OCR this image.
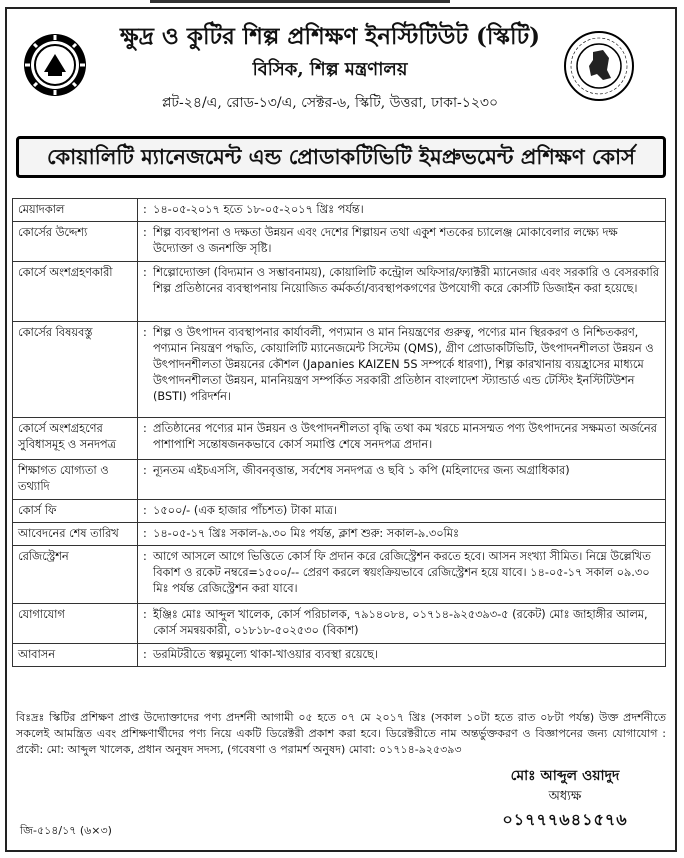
ক্ষুদ্র ও কুটির শিল্প প্রশিক্ষণ ইনস্টিটিউট (স্কিটি)
বিসিক, শিল্প মন্ত্রণালয়
প্লট-২৪/এ, রোড-১৩/এ, সেক্টর-৬, স্কিটি, উত্তরা, ঢাকা-১২৩০
কোয়ালিটি ম্যানেজমেন্ট এন্ড প্রোডাকটিভিটি ইমপ্রুভমেন্ট প্রশিক্ষণ কোর্স
মেয়াদকাল	: ১৪-০৫-২০১৭ হতে ১৮-০৫-২০১৭ খ্রিঃ পর্যন্ত।

কোর্সের উদ্দেশ্য	: শিল্প ব্যবস্থাপনা ও দক্ষতা উন্নয়ন এবং দেশের শিল্পায়ন তথা একুশ শতকের চ্যালেঞ্জ মোকাবেলার লক্ষ্যে দক্ষ উদ্যোক্তা ও জনশক্তি সৃষ্টি।

কোর্সে অংশগ্রহণকারী	: শিল্পোদ্যোক্তা (বিদ্যমান ও সম্ভাবনাময়), কোয়ালিটি কন্ট্রোল অফিসার/ফ্যাক্টরী ম্যানেজার এবং সরকারি ও বেসরকারি শিল্প প্রতিষ্ঠানের ব্যবস্থাপনায় নিয়োজিত কর্মকর্তা/ব্যবস্থাপকগণের উপযোগী করে কোর্সটি ডিজাইন করা হয়েছে।

কোর্সের বিষয়বস্তু	: শিল্প ও উৎপাদন ব্যবস্থাপনার কার্যাবলী, পণ্যমান ও মান নিয়ন্ত্রণের গুরুত্ব, পণ্যের মান স্থিরকরণ ও নিশ্চিতকরণ, পণ্যমান নিয়ন্ত্রণ পদ্ধতি, কোয়ালিটি ম্যানেজমেন্ট সিস্টেম (QMS), গ্রীণ প্রোডাকটিভিটি, উৎপাদনশীলতা উন্নয়ন ও উৎপাদনশীলতা উন্নয়নের কৌশল (Japanies KAIZEN 5S সম্পর্কে ধারণা), শিল্প কারখানায় ব্যয়হ্রাসের মাধ্যমে উৎপাদনশীলতা উন্নয়ন, মাননিয়ন্ত্রণ সম্পর্কিত সরকারী প্রতিষ্ঠান বাংলাদেশ স্ট্যান্ডার্ড এন্ড টেস্টিং ইনস্টিটিউশন (BSTI) পরিদর্শন।

কোর্সে অংশগ্রহণের সুবিধাসমূহ ও সনদপত্র	: প্রতিষ্ঠানের পণ্যের মান উন্নয়ন ও উৎপাদনশীলতা বৃদ্ধি তথা কম খরচে মানসম্মত পণ্য উৎপাদনের সক্ষমতা অর্জনের পাশাপাশি সন্তোষজনকভাবে কোর্স সমাপ্তি শেষে সনদপত্র প্রদান।

শিক্ষাগত যোগ্যতা ও তথ্যাদি	: ন্যূনতম এইচএসসি, জীবনবৃত্তান্ত, সর্বশেষ সনদপত্র ও ছবি ১ কপি (মহিলাদের জন্য অগ্রাধিকার)

কোর্স ফি	: ১৫০০/- (এক হাজার পাঁচশত) টাকা মাত্র।

আবেদনের শেষ তারিখ	: ১৪-০৫-১৭ খ্রিঃ সকাল-৯.৩০ মিঃ পর্যন্ত, ক্লাশ শুরু: সকাল-৯.৩০মিঃ

রেজিস্ট্রেশন	: আগে আসলে আগে ভিত্তিতে কোর্স ফি প্রদান করে রেজিস্ট্রেশন করতে হবে। আসন সংখ্যা সীমিত। নিম্নে উল্লেখিত বিকাশ ও রকেট নম্বরে=১৫০০/-- প্রেরণ করলে স্বয়ংক্রিয়ভাবে রেজিস্ট্রেশন হয়ে যাবে। ১৪-০৫-১৭ সকাল ০৯.৩০ মিঃ পর্যন্ত রেজিস্ট্রেশন করা যাবে।

যোগাযোগ	: ইঞ্জিঃ মোঃ আব্দুল খালেক, কোর্স পরিচালক, ৭৯১৪০৮৪, ০১৭১৪-৯২৫৩৯৩-৫ (রকেট) মোঃ জাহাঙ্গীর আলম, কোর্স সমন্বয়কারী, ০১৮১৮-৫০২৫৩০ (বিকাশ)

আবাসন	: ডরমিটরীতে স্বল্পমূল্যে থাকা-খাওয়ার ব্যবস্থা রয়েছে।
বিঃদ্রঃ স্কিটির প্রশিক্ষণ প্রাপ্ত উদ্যোক্তাদের পণ্য প্রদর্শনী আগামী ০৫ হতে ০৭ মে ২০১৭ খ্রিঃ (সকাল ১০টা হতে রাত ০৮টা পর্যন্ত) উক্ত প্রদর্শনীতে সকলেই আমন্ত্রিত এবং প্রশিক্ষণার্থীদের পণ্য নিয়ে একটি ডিরেক্টরী প্রকাশ করা হবে। ডিরেক্টরীতে নাম অন্তর্ভুক্তকরণ ও বিজ্ঞাপনের জন্য যোগাযোগ : প্রকৌ: মো: আব্দুল খালেক, প্রধান অনুষদ সদস্য, (গবেষণা ও পরামর্শ অনুষদ) মোবা: ০১৭১৪-৯২৫৩৯৩
মোঃ আব্দুল ওয়াদুদ
অধ্যক্ষ
০১৭৭৭৬৪১৫৭৬
জি-৫১৪/১৭ (৬×৩)
